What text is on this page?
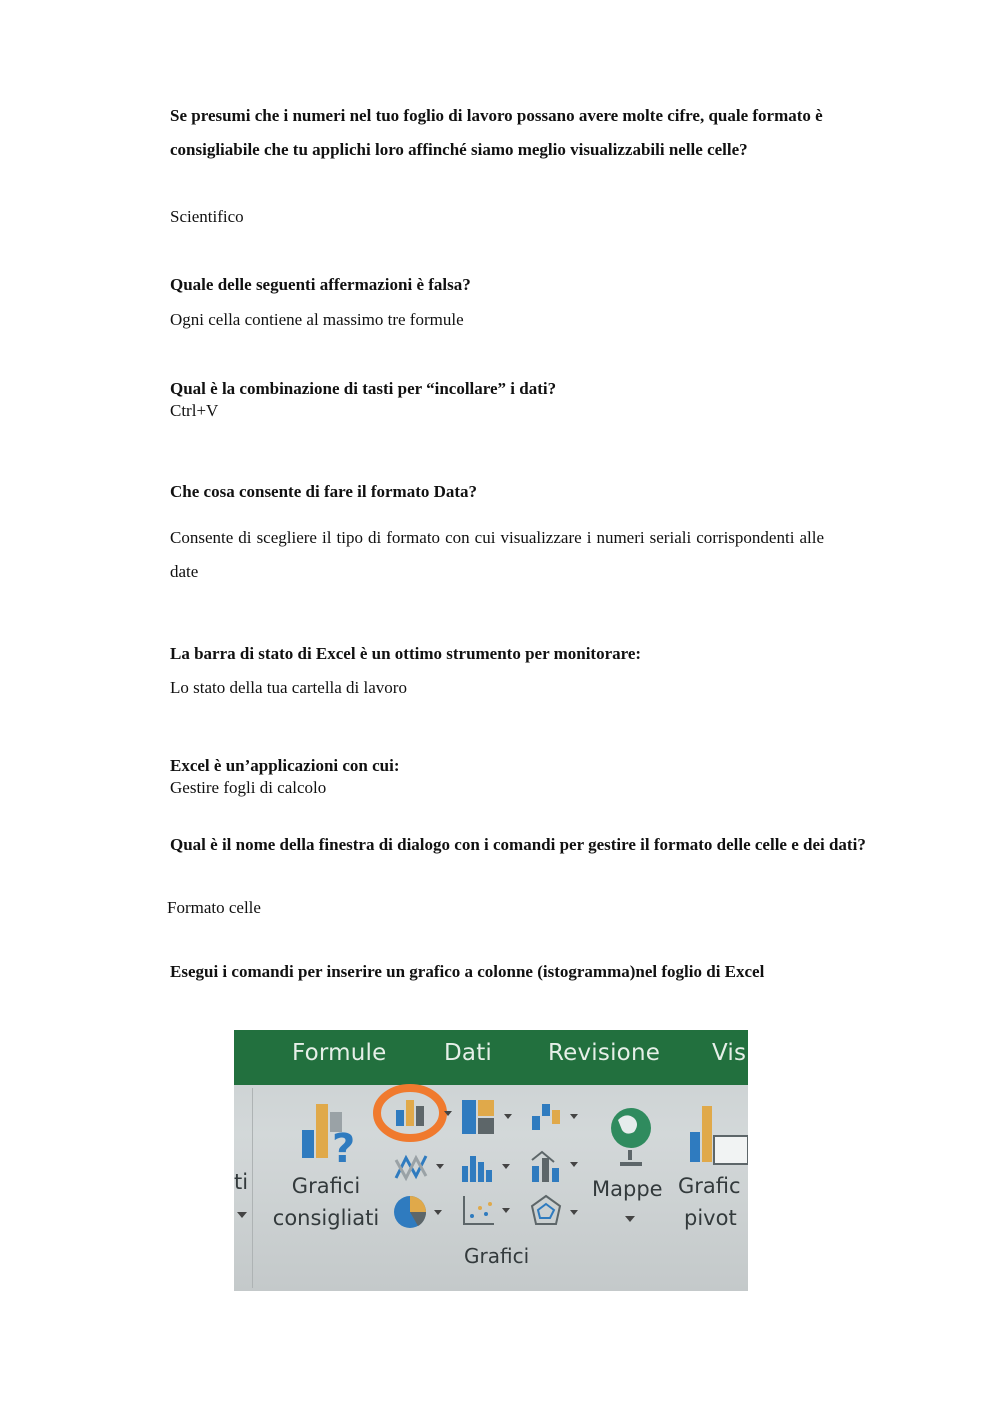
Se presumi che i numeri nel tuo foglio di lavoro possano avere molte cifre, quale formato è consigliabile che tu applichi loro affinché siamo meglio visualizzabili nelle celle?

Scientifico

Quale delle seguenti affermazioni è falsa?

Ogni cella contiene al massimo tre formule

Qual è la combinazione di tasti per “incollare” i dati?

Ctrl+V

Che cosa consente di fare il formato Data?

Consente di scegliere il tipo di formato con cui visualizzare i numeri seriali corrispondenti alle date

La barra di stato di Excel è un ottimo strumento per monitorare:

Lo stato della tua cartella di lavoro

Excel è un’applicazioni con cui:

Gestire fogli di calcolo

Qual è il nome della finestra di dialogo con i comandi per gestire il formato delle celle e dei dati?

Formato celle

Esegui i comandi per inserire un grafico a colonne (istogramma)nel foglio di Excel

Formule	Dati Revisione Vis
ti
?
Grafici
consigliati
Mappe Grafic
pivot
Grafici
